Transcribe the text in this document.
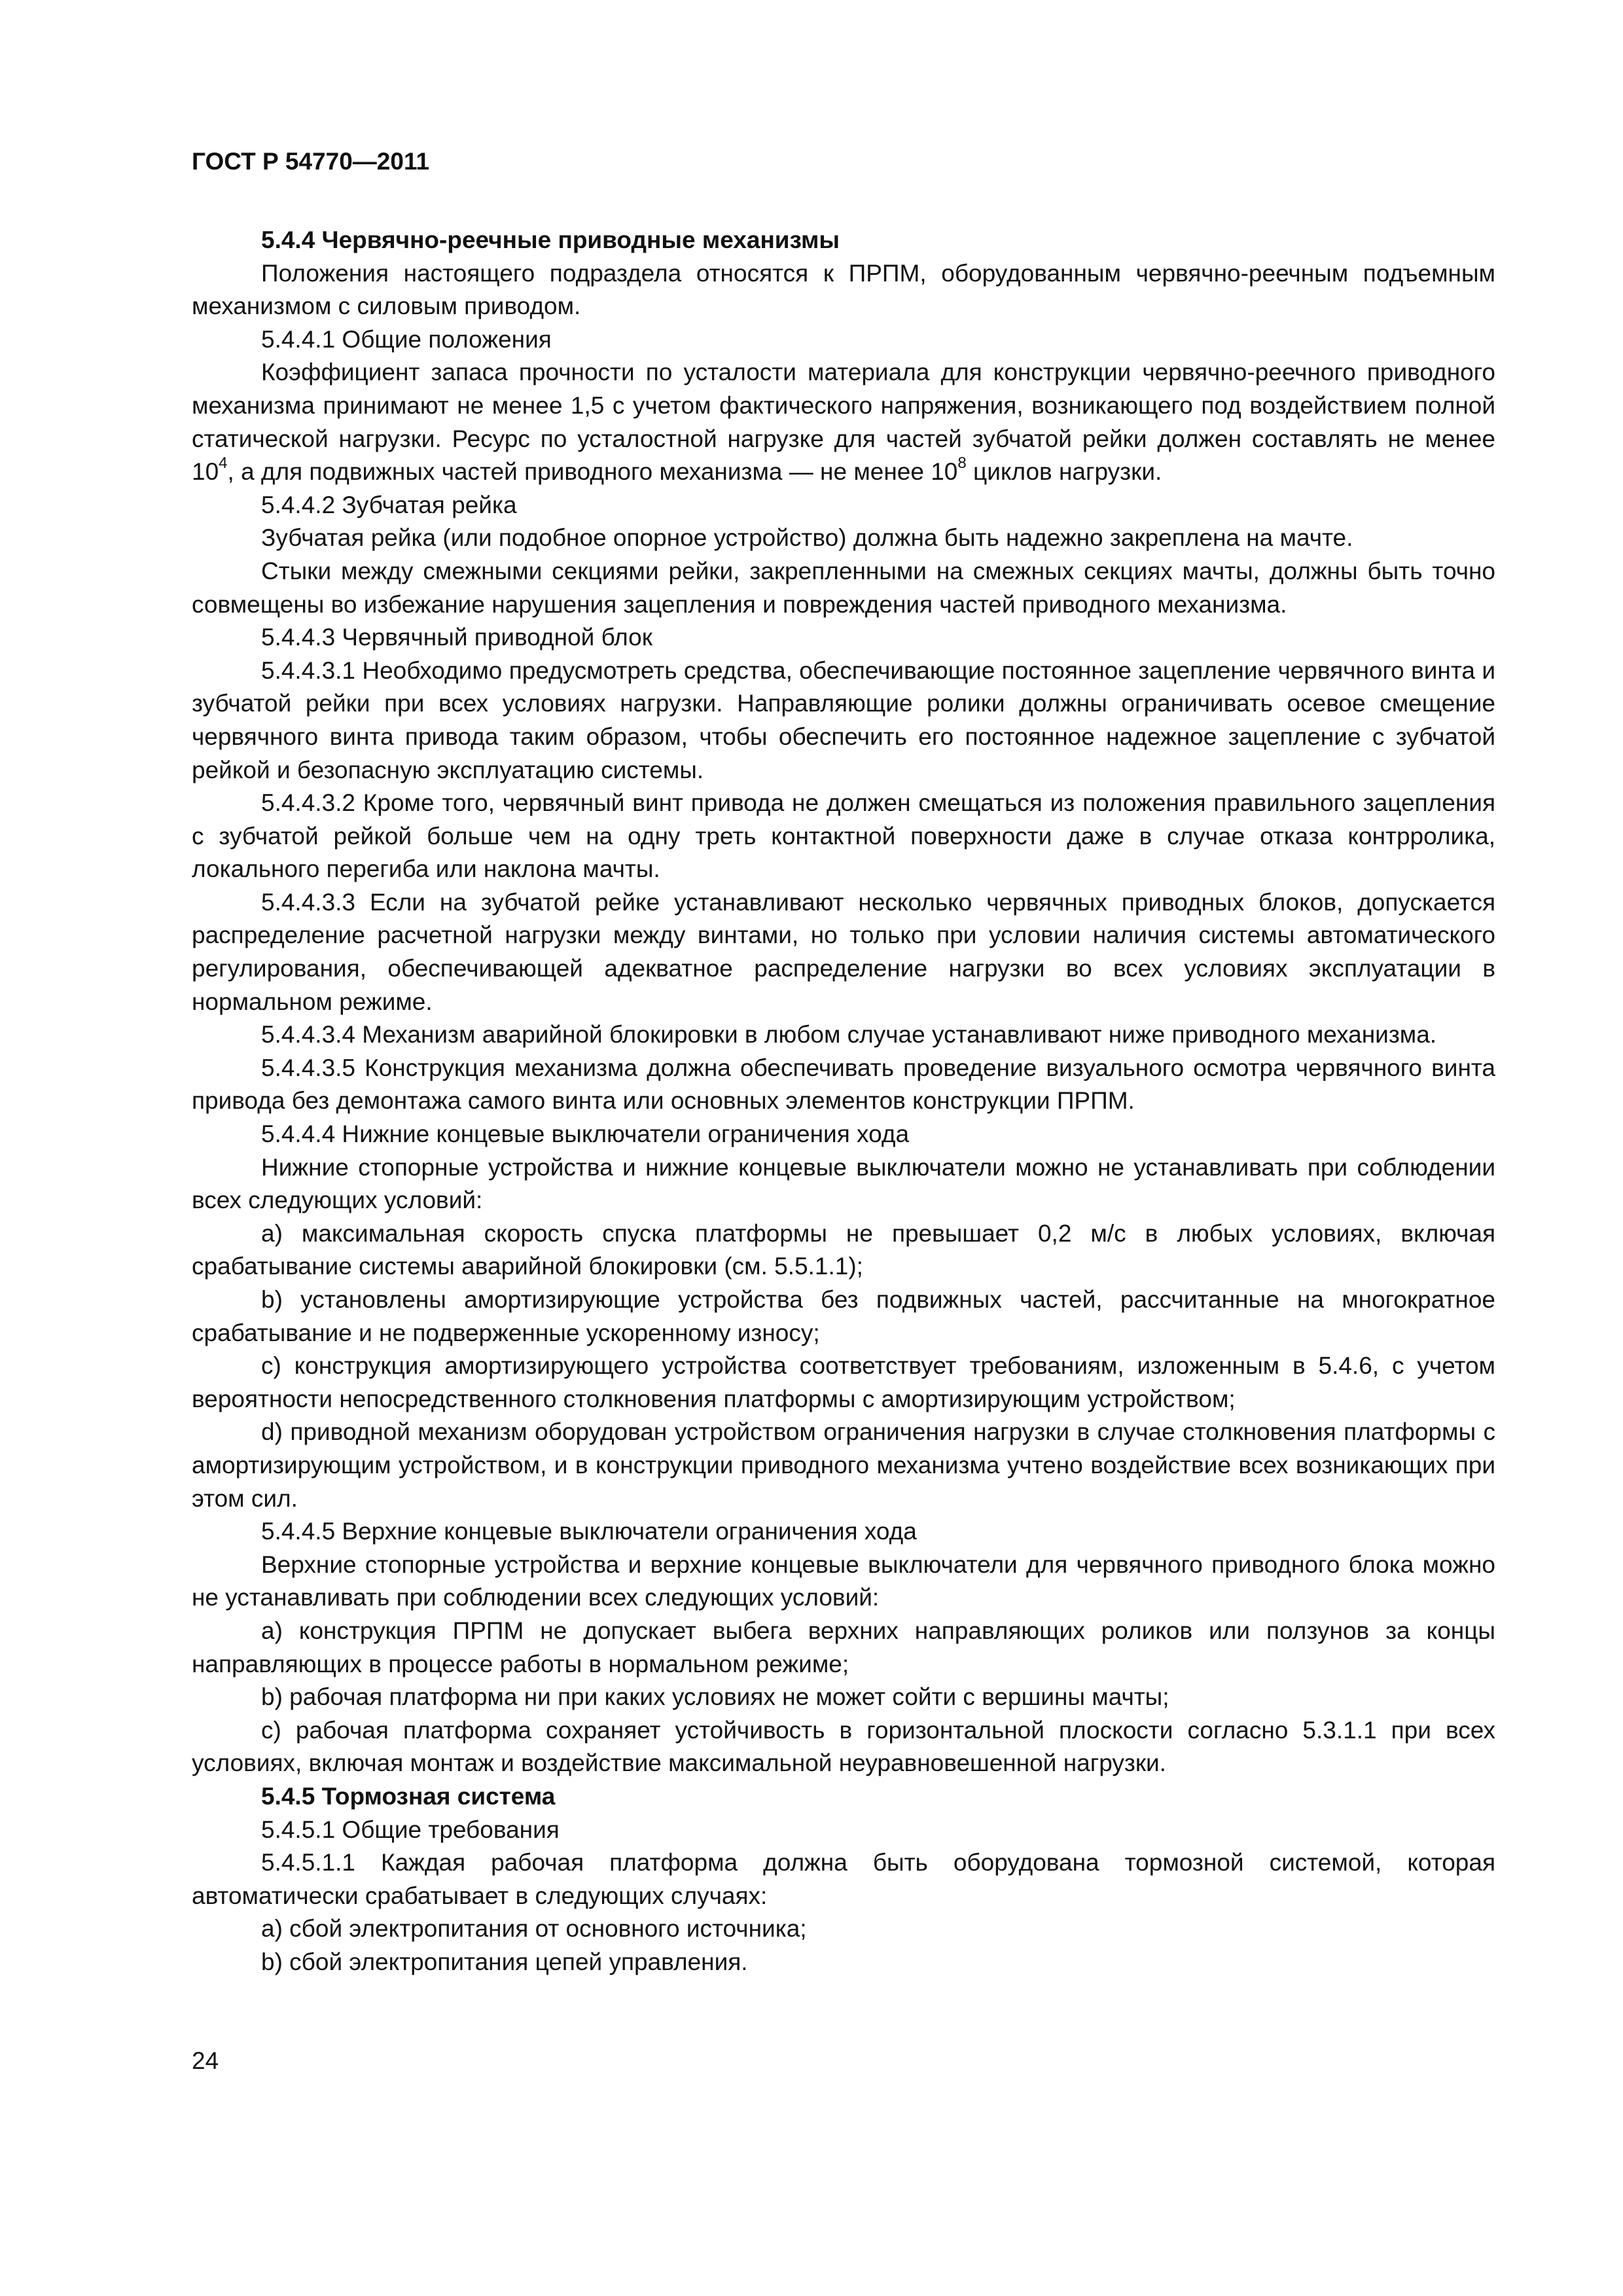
ГОСТ Р 54770—2011

5.4.4 Червячно-реечные приводные механизмы

Положения настоящего подраздела относятся к ПРПМ, оборудованным червячно-реечным подъемным механизмом с силовым приводом.

5.4.4.1 Общие положения

Коэффициент запаса прочности по усталости материала для конструкции червячно-реечного приводного механизма принимают не менее 1,5 с учетом фактического напряжения, возникающего под воздействием полной статической нагрузки. Ресурс по усталостной нагрузке для частей зубчатой рейки должен составлять не менее $10^4$, а для подвижных частей приводного механизма — не менее $10^8$ циклов нагрузки.

5.4.4.2 Зубчатая рейка

Зубчатая рейка (или подобное опорное устройство) должна быть надежно закреплена на мачте.

Стыки между смежными секциями рейки, закрепленными на смежных секциях мачты, должны быть точно совмещены во избежание нарушения зацепления и повреждения частей приводного механизма.

5.4.4.3 Червячный приводной блок

5.4.4.3.1 Необходимо предусмотреть средства, обеспечивающие постоянное зацепление червячного винта и зубчатой рейки при всех условиях нагрузки. Направляющие ролики должны ограничивать осевое смещение червячного винта привода таким образом, чтобы обеспечить его постоянное надежное зацепление с зубчатой рейкой и безопасную эксплуатацию системы.

5.4.4.3.2 Кроме того, червячный винт привода не должен смещаться из положения правильного зацепления с зубчатой рейкой больше чем на одну треть контактной поверхности даже в случае отказа контрролика, локального перегиба или наклона мачты.

5.4.4.3.3 Если на зубчатой рейке устанавливают несколько червячных приводных блоков, допускается распределение расчетной нагрузки между винтами, но только при условии наличия системы автоматического регулирования, обеспечивающей адекватное распределение нагрузки во всех условиях эксплуатации в нормальном режиме.

5.4.4.3.4 Механизм аварийной блокировки в любом случае устанавливают ниже приводного механизма.

5.4.4.3.5 Конструкция механизма должна обеспечивать проведение визуального осмотра червячного винта привода без демонтажа самого винта или основных элементов конструкции ПРПМ.

5.4.4.4 Нижние концевые выключатели ограничения хода

Нижние стопорные устройства и нижние концевые выключатели можно не устанавливать при соблюдении всех следующих условий:

а) максимальная скорость спуска платформы не превышает 0,2 м/с в любых условиях, включая срабатывание системы аварийной блокировки (см. 5.5.1.1);

b) установлены амортизирующие устройства без подвижных частей, рассчитанные на многократное срабатывание и не подверженные ускоренному износу;

c) конструкция амортизирующего устройства соответствует требованиям, изложенным в 5.4.6, с учетом вероятности непосредственного столкновения платформы с амортизирующим устройством;

d) приводной механизм оборудован устройством ограничения нагрузки в случае столкновения платформы с амортизирующим устройством, и в конструкции приводного механизма учтено воздействие всех возникающих при этом сил.

5.4.4.5 Верхние концевые выключатели ограничения хода

Верхние стопорные устройства и верхние концевые выключатели для червячного приводного блока можно не устанавливать при соблюдении всех следующих условий:

а) конструкция ПРПМ не допускает выбега верхних направляющих роликов или ползунов за концы направляющих в процессе работы в нормальном режиме;

b) рабочая платформа ни при каких условиях не может сойти с вершины мачты;

c) рабочая платформа сохраняет устойчивость в горизонтальной плоскости согласно 5.3.1.1 при всех условиях, включая монтаж и воздействие максимальной неуравновешенной нагрузки.

5.4.5 Тормозная система

5.4.5.1 Общие требования

5.4.5.1.1 Каждая рабочая платформа должна быть оборудована тормозной системой, которая автоматически срабатывает в следующих случаях:

а) сбой электропитания от основного источника;

b) сбой электропитания цепей управления.

24
